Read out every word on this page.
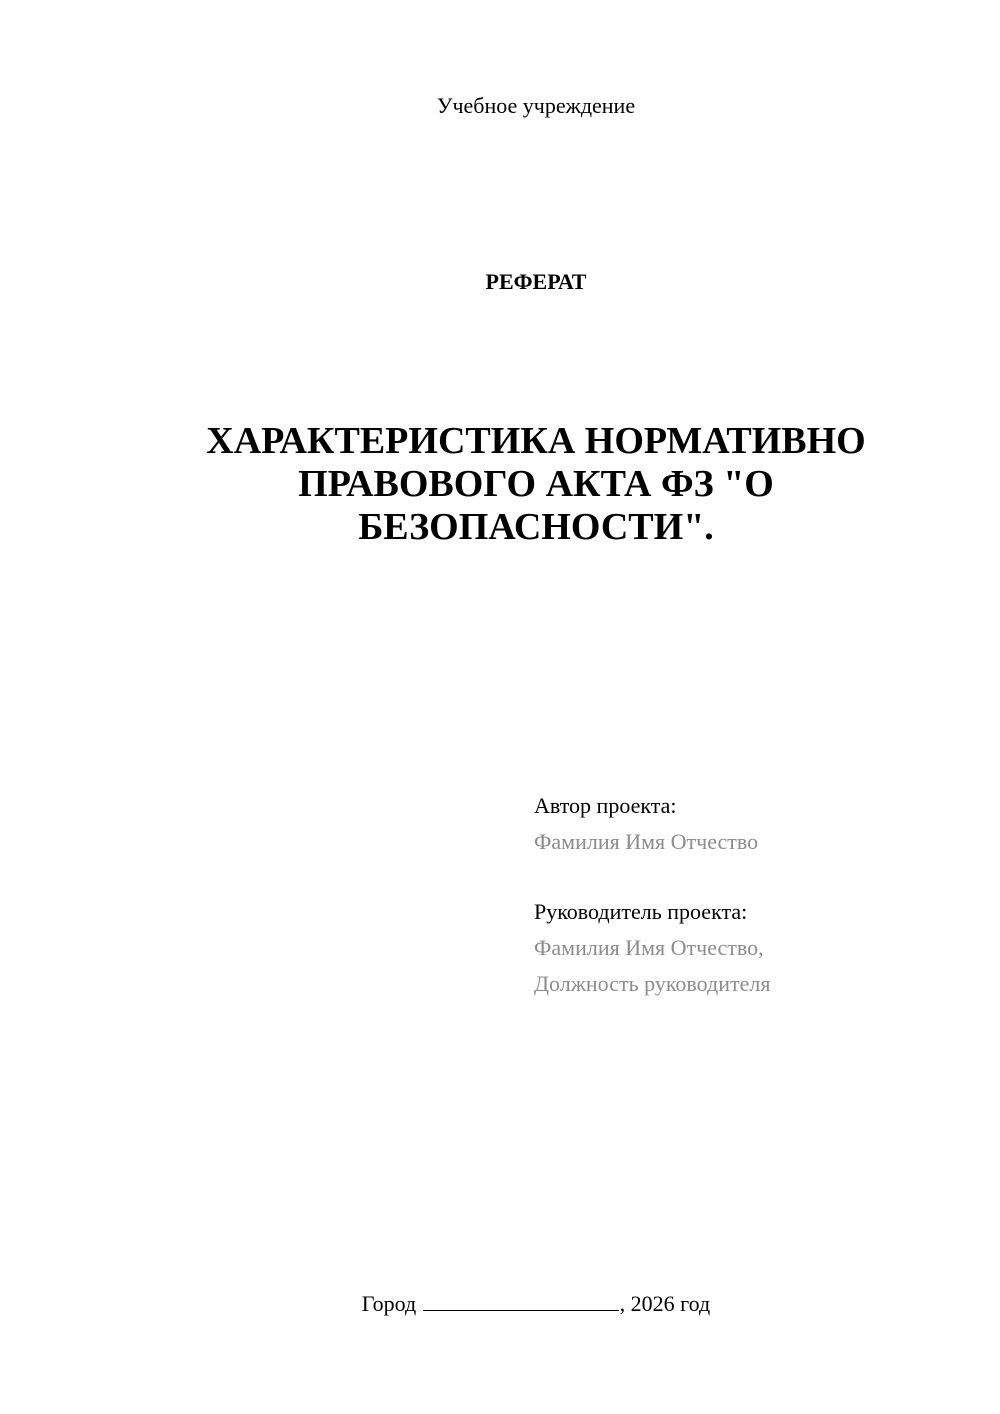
Учебное учреждение
РЕФЕРАТ
ХАРАКТЕРИСТИКА НОРМАТИВНО ПРАВОВОГО АКТА ФЗ "О БЕЗОПАСНОСТИ".
Автор проекта:
Фамилия Имя Отчество
Руководитель проекта:
Фамилия Имя Отчество,
Должность руководителя
Город	, 2026 год
